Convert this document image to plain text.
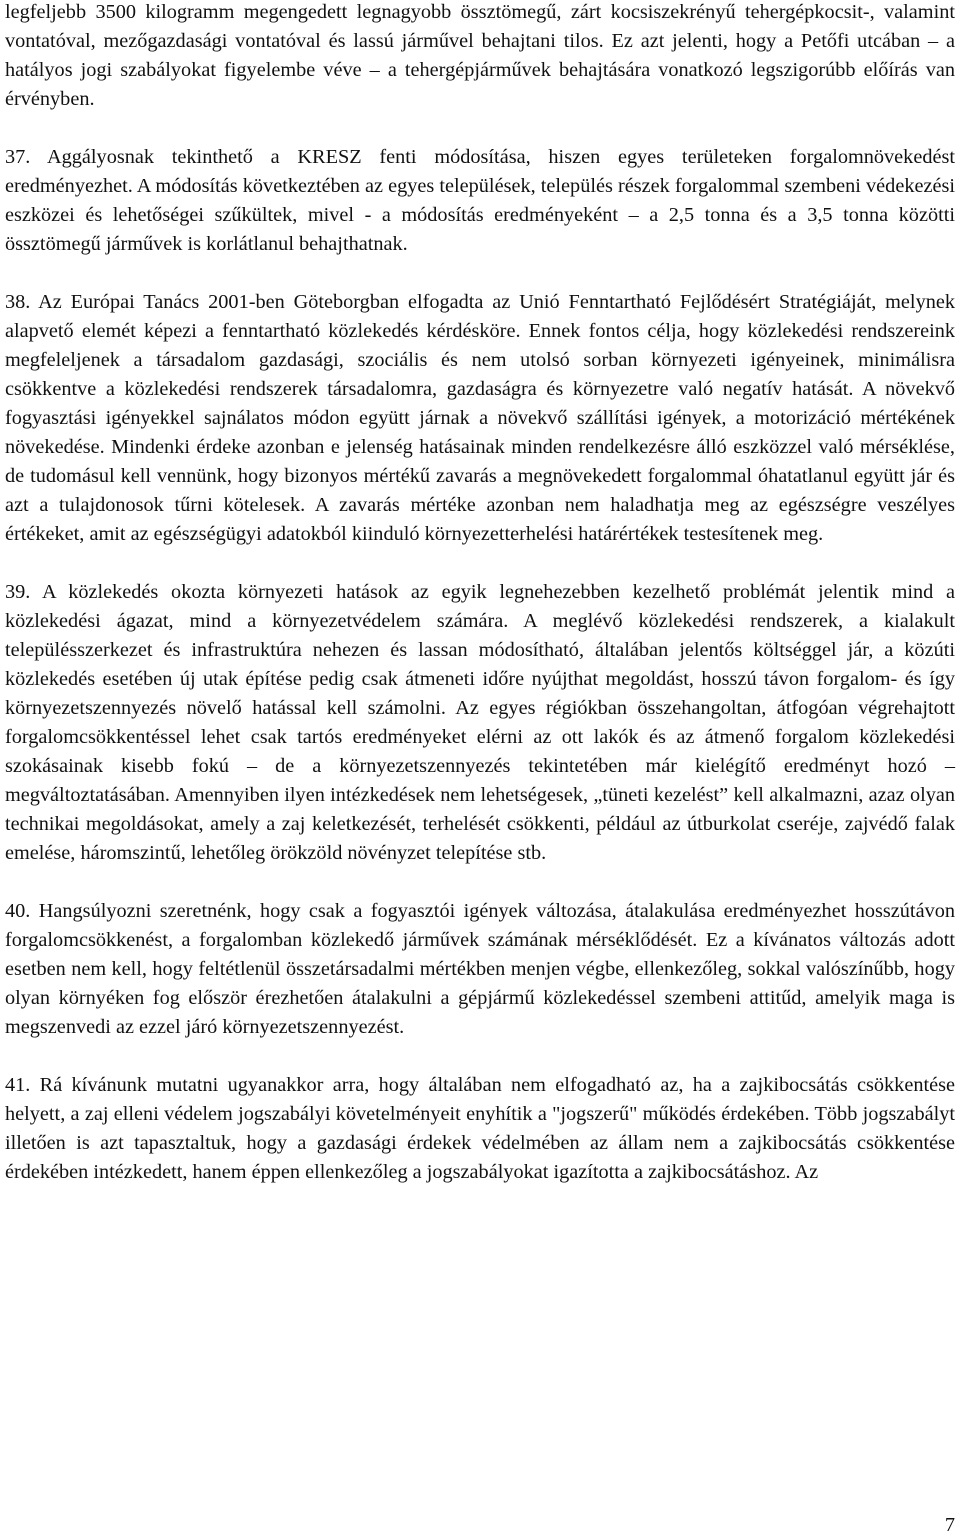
legfeljebb 3500 kilogramm megengedett legnagyobb össztömegű, zárt kocsiszekrényű tehergépkocsit-, valamint vontatóval, mezőgazdasági vontatóval és lassú járművel behajtani tilos. Ez azt jelenti, hogy a Petőfi utcában – a hatályos jogi szabályokat figyelembe véve – a tehergépjárművek behajtására vonatkozó legszigorúbb előírás van érvényben.

37. Aggályosnak tekinthető a KRESZ fenti módosítása, hiszen egyes területeken forgalomnövekedést eredményezhet. A módosítás következtében az egyes települések, település részek forgalommal szembeni védekezési eszközei és lehetőségei szűkültek, mivel - a módosítás eredményeként – a 2,5 tonna és a 3,5 tonna közötti össztömegű járművek is korlátlanul behajthatnak.

38. Az Európai Tanács 2001-ben Göteborgban elfogadta az Unió Fenntartható Fejlődésért Stratégiáját, melynek alapvető elemét képezi a fenntartható közlekedés kérdésköre. Ennek fontos célja, hogy közlekedési rendszereink megfeleljenek a társadalom gazdasági, szociális és nem utolsó sorban környezeti igényeinek, minimálisra csökkentve a közlekedési rendszerek társadalomra, gazdaságra és környezetre való negatív hatását. A növekvő fogyasztási igényekkel sajnálatos módon együtt járnak a növekvő szállítási igények, a motorizáció mértékének növekedése. Mindenki érdeke azonban e jelenség hatásainak minden rendelkezésre álló eszközzel való mérséklése, de tudomásul kell vennünk, hogy bizonyos mértékű zavarás a megnövekedett forgalommal óhatatlanul együtt jár és azt a tulajdonosok tűrni kötelesek. A zavarás mértéke azonban nem haladhatja meg az egészségre veszélyes értékeket, amit az egészségügyi adatokból kiinduló környezetterhelési határértékek testesítenek meg.

39. A közlekedés okozta környezeti hatások az egyik legnehezebben kezelhető problémát jelentik mind a közlekedési ágazat, mind a környezetvédelem számára. A meglévő közlekedési rendszerek, a kialakult településszerkezet és infrastruktúra nehezen és lassan módosítható, általában jelentős költséggel jár, a közúti közlekedés esetében új utak építése pedig csak átmeneti időre nyújthat megoldást, hosszú távon forgalom- és így környezetszennyezés növelő hatással kell számolni. Az egyes régiókban összehangoltan, átfogóan végrehajtott forgalomcsökkentéssel lehet csak tartós eredményeket elérni az ott lakók és az átmenő forgalom közlekedési szokásainak kisebb fokú – de a környezetszennyezés tekintetében már kielégítő eredményt hozó – megváltoztatásában. Amennyiben ilyen intézkedések nem lehetségesek, „tüneti kezelést” kell alkalmazni, azaz olyan technikai megoldásokat, amely a zaj keletkezését, terhelését csökkenti, például az útburkolat cseréje, zajvédő falak emelése, háromszintű, lehetőleg örökzöld növényzet telepítése stb.

40. Hangsúlyozni szeretnénk, hogy csak a fogyasztói igények változása, átalakulása eredményezhet hosszútávon forgalomcsökkenést, a forgalomban közlekedő járművek számának mérséklődését. Ez a kívánatos változás adott esetben nem kell, hogy feltétlenül összetársadalmi mértékben menjen végbe, ellenkezőleg, sokkal valószínűbb, hogy olyan környéken fog először érezhetően átalakulni a gépjármű közlekedéssel szembeni attitűd, amelyik maga is megszenvedi az ezzel járó környezetszennyezést.

41. Rá kívánunk mutatni ugyanakkor arra, hogy általában nem elfogadható az, ha a zajkibocsátás csökkentése helyett, a zaj elleni védelem jogszabályi követelményeit enyhítik a "jogszerű" működés érdekében. Több jogszabályt illetően is azt tapasztaltuk, hogy a gazdasági érdekek védelmében az állam nem a zajkibocsátás csökkentése érdekében intézkedett, hanem éppen ellenkezőleg a jogszabályokat igazította a zajkibocsátáshoz. Az

7
